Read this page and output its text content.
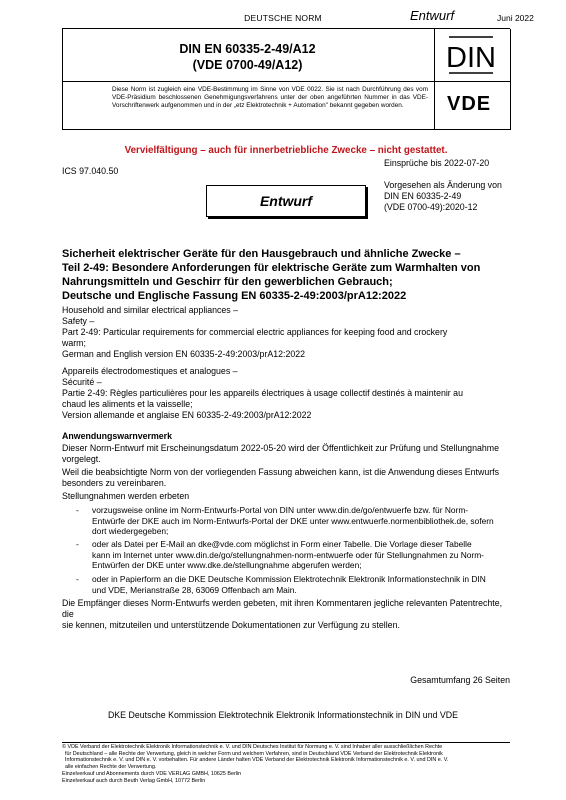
DEUTSCHE NORM	Entwurf	Juni 2022
DIN EN 60335-2-49/A12
(VDE 0700-49/A12)	DIN
Diese Norm ist zugleich eine VDE-Bestimmung im Sinne von VDE 0022. Sie ist nach Durchführung des vom VDE-Präsidium beschlossenen Genehmigungsverfahrens unter der oben angeführten Nummer in das VDE-Vorschriftenwerk aufgenommen und in der „etz Elektrotechnik + Automation" bekannt gegeben worden.	VDE
Vervielfältigung – auch für innerbetriebliche Zwecke – nicht gestattet.
Einsprüche bis 2022-07-20
ICS 97.040.50
Vorgesehen als Änderung von
DIN EN 60335-2-49
(VDE 0700-49):2020-12
Entwurf
Sicherheit elektrischer Geräte für den Hausgebrauch und ähnliche Zwecke –
Teil 2-49: Besondere Anforderungen für elektrische Geräte zum Warmhalten von
Nahrungsmitteln und Geschirr für den gewerblichen Gebrauch;
Deutsche und Englische Fassung EN 60335-2-49:2003/prA12:2022
Household and similar electrical appliances –
Safety –
Part 2-49: Particular requirements for commercial electric appliances for keeping food and crockery
warm;
German and English version EN 60335-2-49:2003/prA12:2022
Appareils électrodomestiques et analogues –
Sécurité –
Partie 2-49: Règles particulières pour les appareils électriques à usage collectif destinés à maintenir au
chaud les aliments et la vaisselle;
Version allemande et anglaise EN 60335-2-49:2003/prA12:2022
Anwendungswarnvermerk
Dieser Norm-Entwurf mit Erscheinungsdatum 2022-05-20 wird der Öffentlichkeit zur Prüfung und Stellungnahme
vorgelegt.
Weil die beabsichtigte Norm von der vorliegenden Fassung abweichen kann, ist die Anwendung dieses Entwurfs
besonders zu vereinbaren.
Stellungnahmen werden erbeten
- vorzugsweise online im Norm-Entwurfs-Portal von DIN unter www.din.de/go/entwuerfe bzw. für Norm-
Entwürfe der DKE auch im Norm-Entwurfs-Portal der DKE unter www.entwuerfe.normenbibliothek.de, sofern
dort wiedergegeben;
- oder als Datei per E-Mail an dke@vde.com möglichst in Form einer Tabelle. Die Vorlage dieser Tabelle
kann im Internet unter www.din.de/go/stellungnahmen-norm-entwuerfe oder für Stellungnahmen zu Norm-
Entwürfen der DKE unter www.dke.de/stellungnahme abgerufen werden;
- oder in Papierform an die DKE Deutsche Kommission Elektrotechnik Elektronik Informationstechnik in DIN
und VDE, Merianstraße 28, 63069 Offenbach am Main.
Die Empfänger dieses Norm-Entwurfs werden gebeten, mit ihren Kommentaren jegliche relevanten Patentrechte, die
sie kennen, mitzuteilen und unterstützende Dokumentationen zur Verfügung zu stellen.
Gesamtumfang 26 Seiten
DKE Deutsche Kommission Elektrotechnik Elektronik Informationstechnik in DIN und VDE
© VDE Verband der Elektrotechnik Elektronik Informationstechnik e. V. und DIN Deutsches Institut für Normung e. V. sind Inhaber aller ausschließlichen Rechte
für Deutschland – alle Rechte der Verwertung, gleich in welcher Form und welchem Verfahren, sind in Deutschland VDE Verband der Elektrotechnik Elektronik
Informationstechnik e. V. und DIN e. V. vorbehalten. Für andere Länder halten VDE Verband der Elektrotechnik Elektronik Informationstechnik e. V. und DIN e. V.
alle einfachen Rechte der Verwertung.
Einzelverkauf und Abonnements durch VDE VERLAG GMBH, 10625 Berlin
Einzelverkauf auch durch Beuth Verlag GmbH, 10772 Berlin
